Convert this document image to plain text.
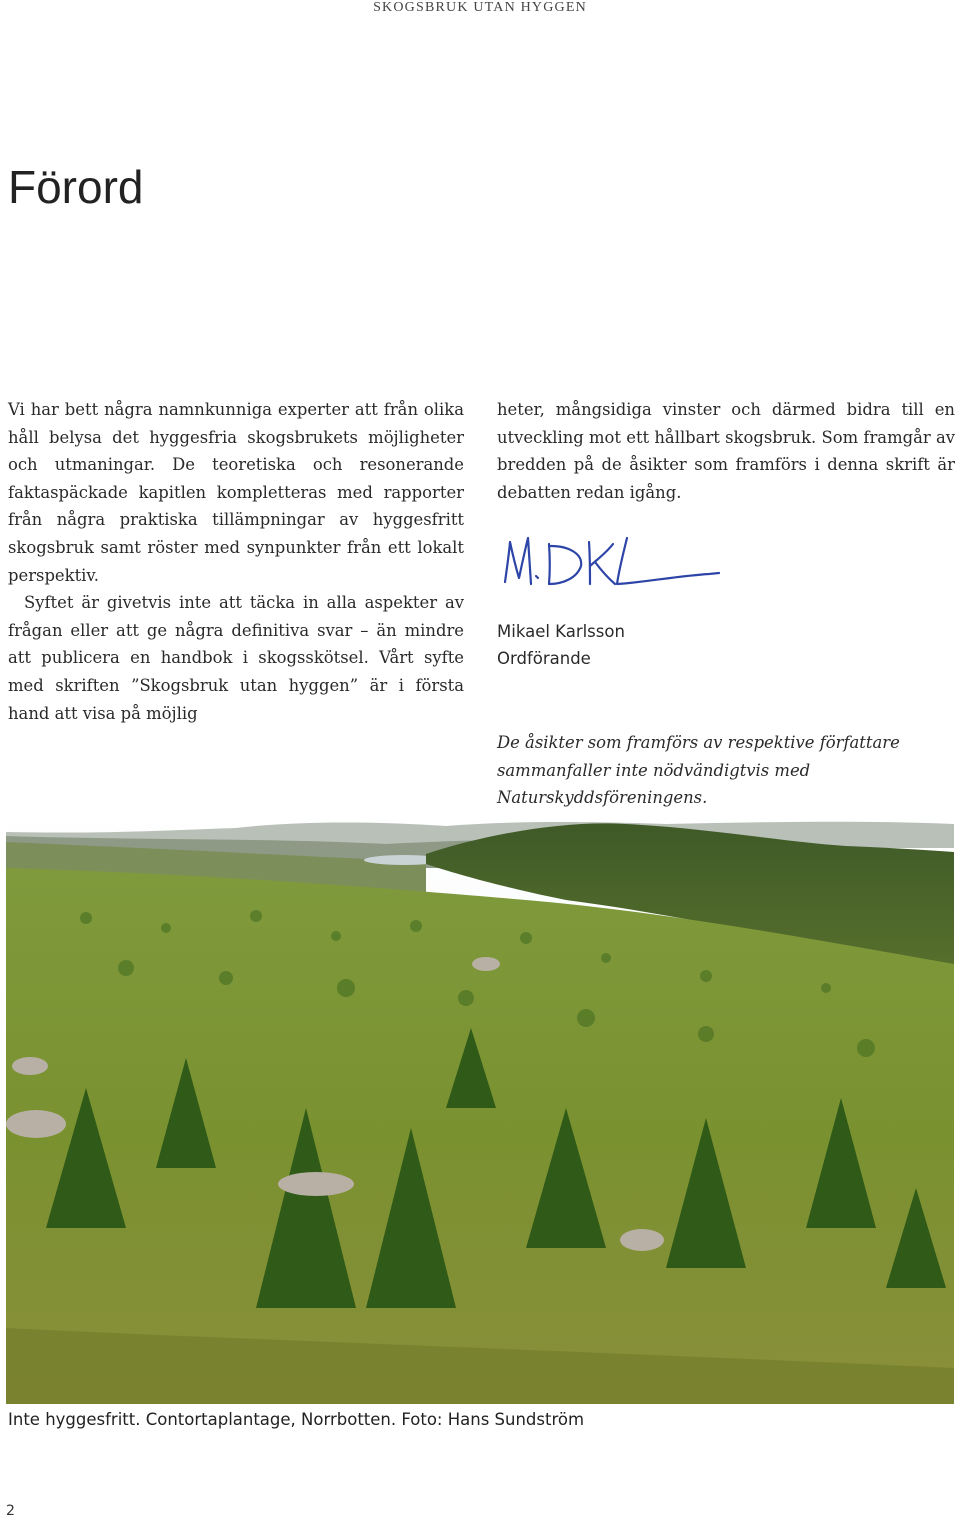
SKOGSBRUK UTAN HYGGEN
Förord

Vi har bett några namnkunniga experter att från olika håll belysa det hyggesfria skogsbrukets möjligheter och utmaningar. De teoretiska och resonerande faktaspäckade kapitlen kompletteras med rapporter från några praktiska tillämpningar av hyggesfritt skogsbruk samt röster med synpunkter från ett lokalt perspektiv.

Syftet är givetvis inte att täcka in alla aspekter av frågan eller att ge några definitiva svar – än mindre att publicera en handbok i skogsskötsel. Vårt syfte med skriften ”Skogsbruk utan hyggen” är i första hand att visa på möjlig

heter, mångsidiga vinster och därmed bidra till en utveckling mot ett hållbart skogsbruk. Som framgår av bredden på de åsikter som framförs i denna skrift är debatten redan igång.

Mikael Karlsson
Ordförande

De åsikter som framförs av respektive författare sammanfaller inte nödvändigtvis med Naturskyddsföreningens.

Inte hyggesfritt. Contortaplantage, Norrbotten. Foto: Hans Sundström
2
